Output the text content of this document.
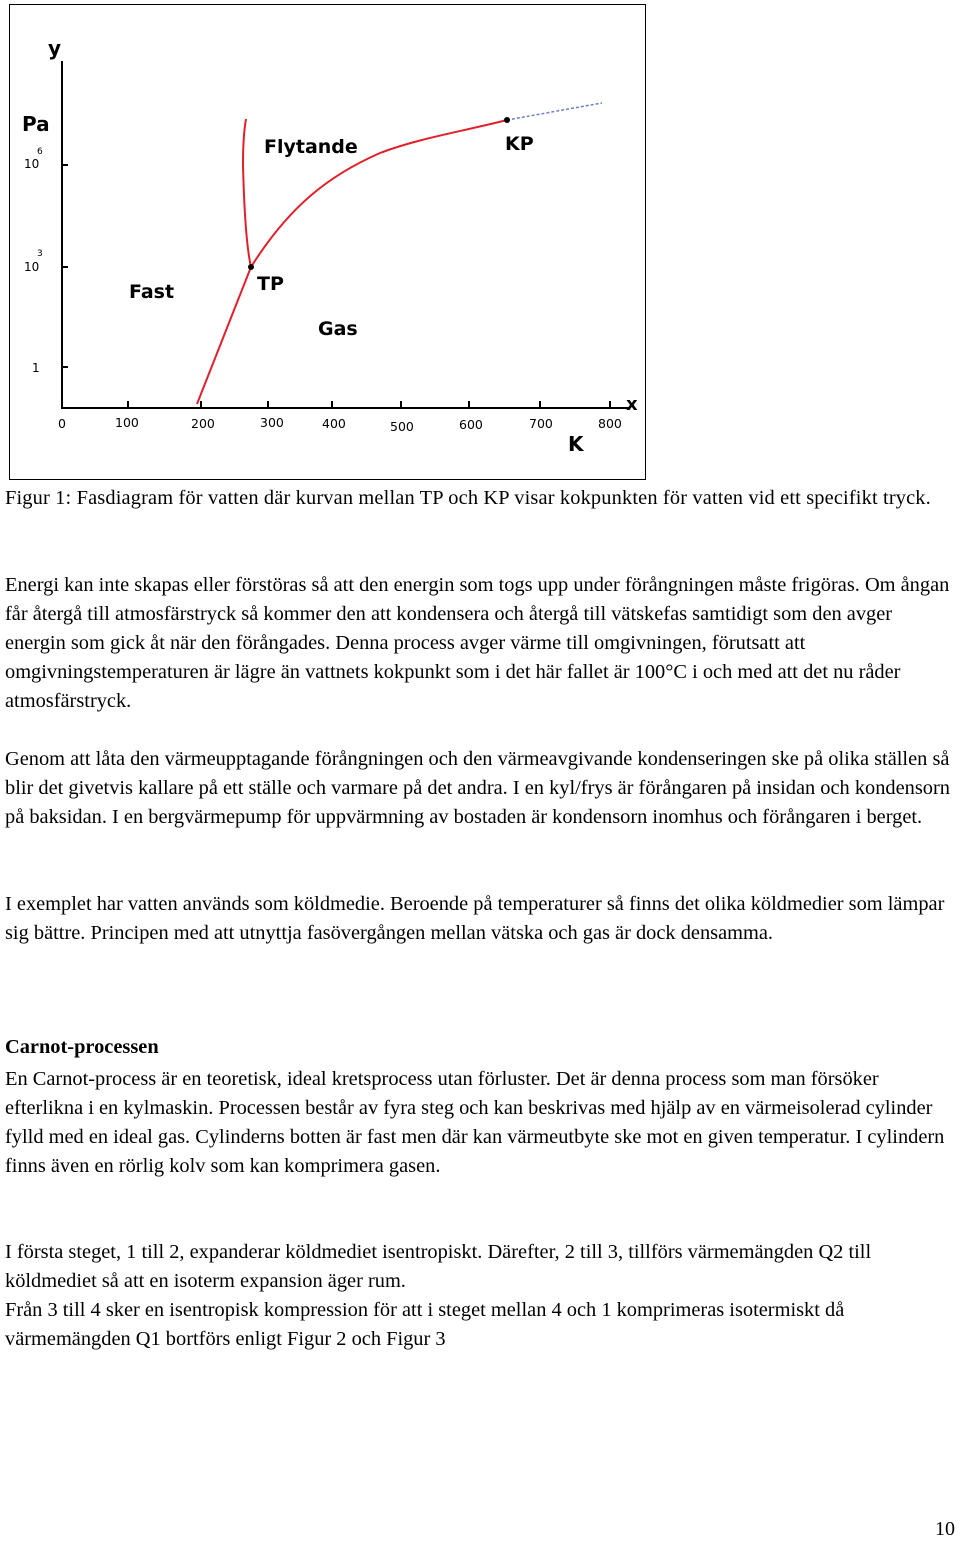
y
Pa
x
K
10
6
10
3
1
0	100	200	300	400	500	600	700	800
Flytande
Fast
Gas
TP
KP
Figur 1: Fasdiagram för vatten där kurvan mellan TP och KP visar kokpunkten för vatten vid ett specifikt tryck.
Energi kan inte skapas eller förstöras så att den energin som togs upp under förångningen måste frigöras. Om ångan får återgå till atmosfärstryck så kommer den att kondensera och återgå till vätskefas samtidigt som den avger energin som gick åt när den förångades. Denna process avger värme till omgivningen, förutsatt att omgivningstemperaturen är lägre än vattnets kokpunkt som i det här fallet är 100°C i och med att det nu råder atmosfärstryck.
Genom att låta den värmeupptagande förångningen och den värmeavgivande kondenseringen ske på olika ställen så blir det givetvis kallare på ett ställe och varmare på det andra. I en kyl/frys är förångaren på insidan och kondensorn på baksidan. I en bergvärmepump för uppvärmning av bostaden är kondensorn inomhus och förångaren i berget.
I exemplet har vatten används som köldmedie. Beroende på temperaturer så finns det olika köldmedier som lämpar sig bättre. Principen med att utnyttja fasövergången mellan vätska och gas är dock densamma.
Carnot-processen
En Carnot-process är en teoretisk, ideal kretsprocess utan förluster. Det är denna process som man försöker efterlikna i en kylmaskin. Processen består av fyra steg och kan beskrivas med hjälp av en värmeisolerad cylinder fylld med en ideal gas. Cylinderns botten är fast men där kan värmeutbyte ske mot en given temperatur. I cylindern finns även en rörlig kolv som kan komprimera gasen.
I första steget, 1 till 2, expanderar köldmediet isentropiskt. Därefter, 2 till 3, tillförs värmemängden Q2 till köldmediet så att en isoterm expansion äger rum.
Från 3 till 4 sker en isentropisk kompression för att i steget mellan 4 och 1 komprimeras isotermiskt då värmemängden Q1 bortförs enligt Figur 2 och Figur 3
10
